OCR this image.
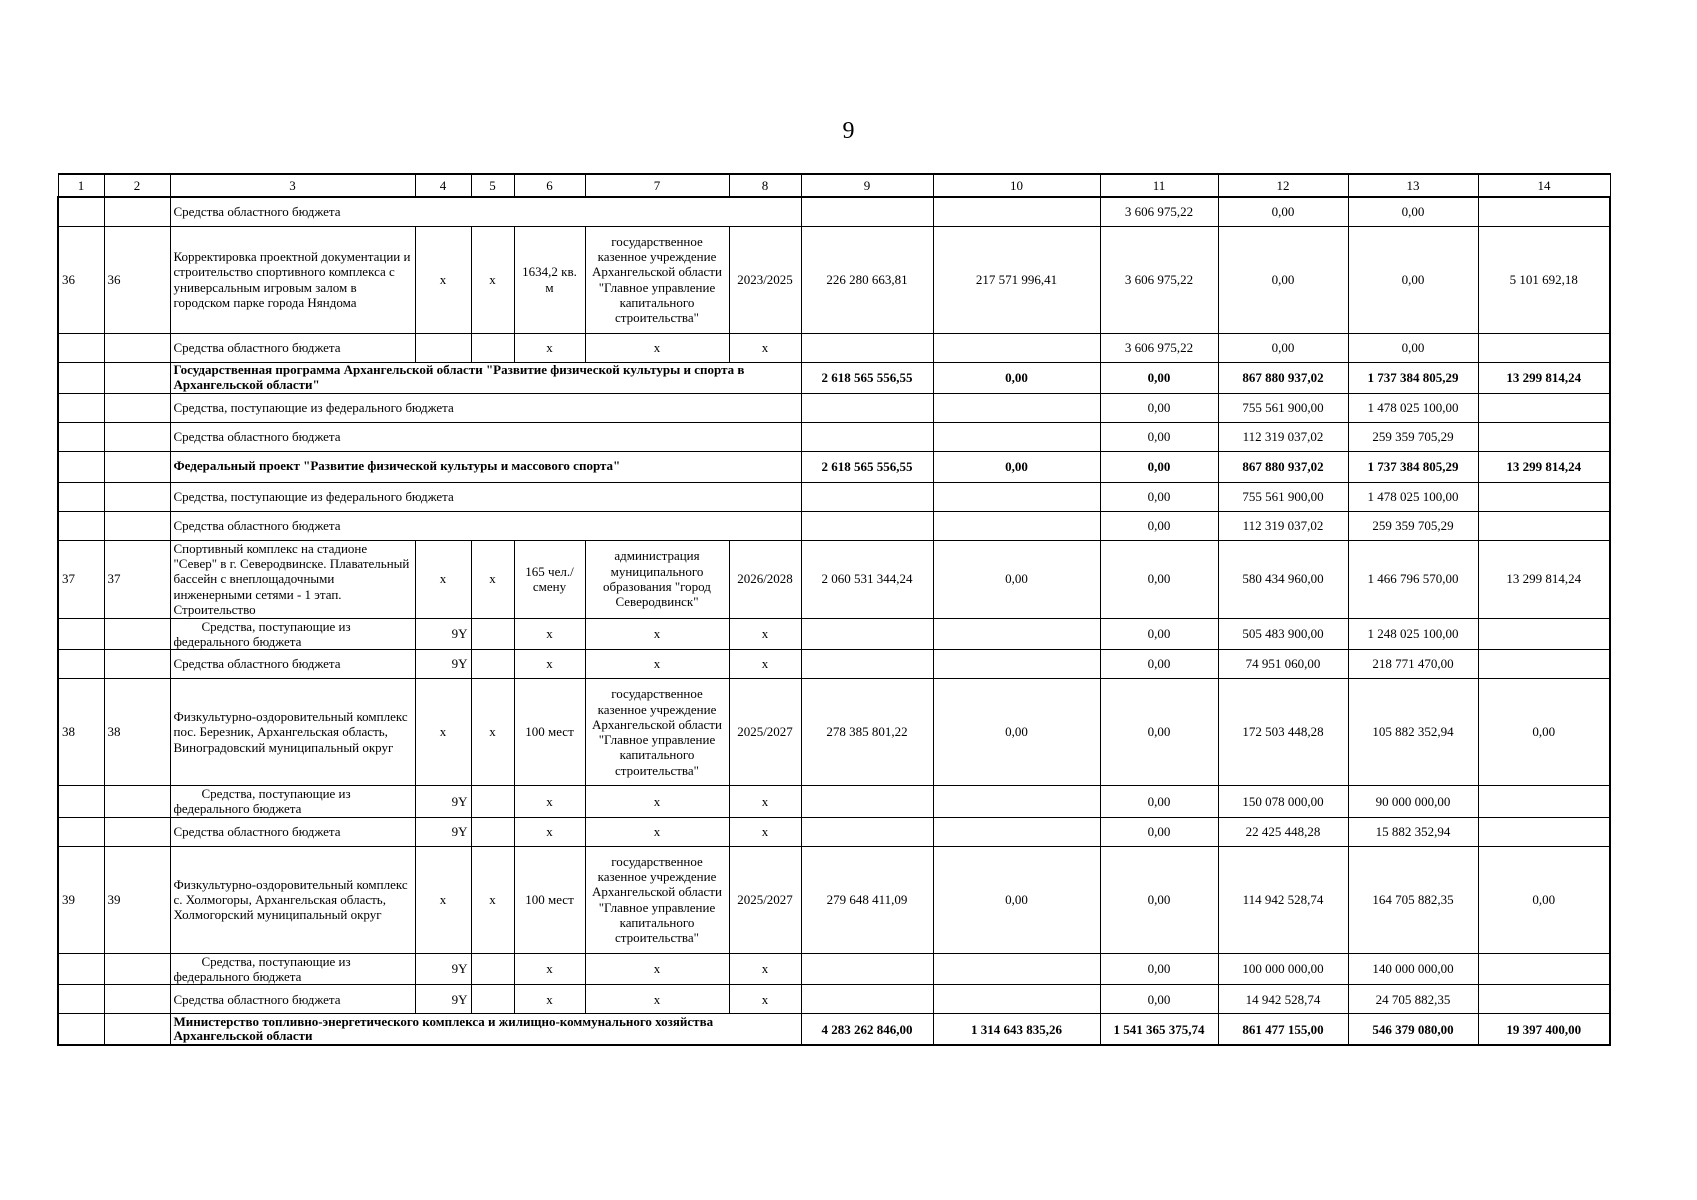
9
1	2	3	4	5	6	7	8	9	10	11	12	13	14
		Средства областного бюджета								3 606 975,22	0,00	0,00	
36	36	Корректировка проектной документации и строительство спортивного комплекса с универсальным игровым залом в городском парке города Няндома	x	x	1634,2 кв. м	государственное казенное учреждение Архангельской области "Главное управление капитального строительства"	2023/2025	226 280 663,81	217 571 996,41	3 606 975,22	0,00	0,00	5 101 692,18
		Средства областного бюджета			x	x	x			3 606 975,22	0,00	0,00	
		Государственная программа Архангельской области "Развитие физической культуры и спорта в Архангельской области"						2 618 565 556,55	0,00	0,00	867 880 937,02	1 737 384 805,29	13 299 814,24
		Средства, поступающие из федерального бюджета								0,00	755 561 900,00	1 478 025 100,00	
		Средства областного бюджета								0,00	112 319 037,02	259 359 705,29	
		Федеральный проект "Развитие физической культуры и массового спорта"						2 618 565 556,55	0,00	0,00	867 880 937,02	1 737 384 805,29	13 299 814,24
		Средства, поступающие из федерального бюджета								0,00	755 561 900,00	1 478 025 100,00	
		Средства областного бюджета								0,00	112 319 037,02	259 359 705,29	
37	37	Спортивный комплекс на стадионе "Север" в г. Северодвинске. Плавательный бассейн с внеплощадочными инженерными сетями - 1 этап. Строительство	x	x	165 чел./смену	администрация муниципального образования "город Северодвинск"	2026/2028	2 060 531 344,24	0,00	0,00	580 434 960,00	1 466 796 570,00	13 299 814,24
		Средства, поступающие из федерального бюджета	9Y		x	x	x			0,00	505 483 900,00	1 248 025 100,00	
		Средства областного бюджета	9Y		x	x	x			0,00	74 951 060,00	218 771 470,00	
38	38	Физкультурно-оздоровительный комплекс пос. Березник, Архангельская область, Виноградовский муниципальный округ	x	x	100 мест	государственное казенное учреждение Архангельской области "Главное управление капитального строительства"	2025/2027	278 385 801,22	0,00	0,00	172 503 448,28	105 882 352,94	0,00
		Средства, поступающие из федерального бюджета	9Y		x	x	x			0,00	150 078 000,00	90 000 000,00	
		Средства областного бюджета	9Y		x	x	x			0,00	22 425 448,28	15 882 352,94	
39	39	Физкультурно-оздоровительный комплекс с. Холмогоры, Архангельская область, Холмогорский муниципальный округ	x	x	100 мест	государственное казенное учреждение Архангельской области "Главное управление капитального строительства"	2025/2027	279 648 411,09	0,00	0,00	114 942 528,74	164 705 882,35	0,00
		Средства, поступающие из федерального бюджета	9Y		x	x	x			0,00	100 000 000,00	140 000 000,00	
		Средства областного бюджета	9Y		x	x	x			0,00	14 942 528,74	24 705 882,35	
		Министерство топливно-энергетического комплекса и жилищно-коммунального хозяйства Архангельской области						4 283 262 846,00	1 314 643 835,26	1 541 365 375,74	861 477 155,00	546 379 080,00	19 397 400,00
